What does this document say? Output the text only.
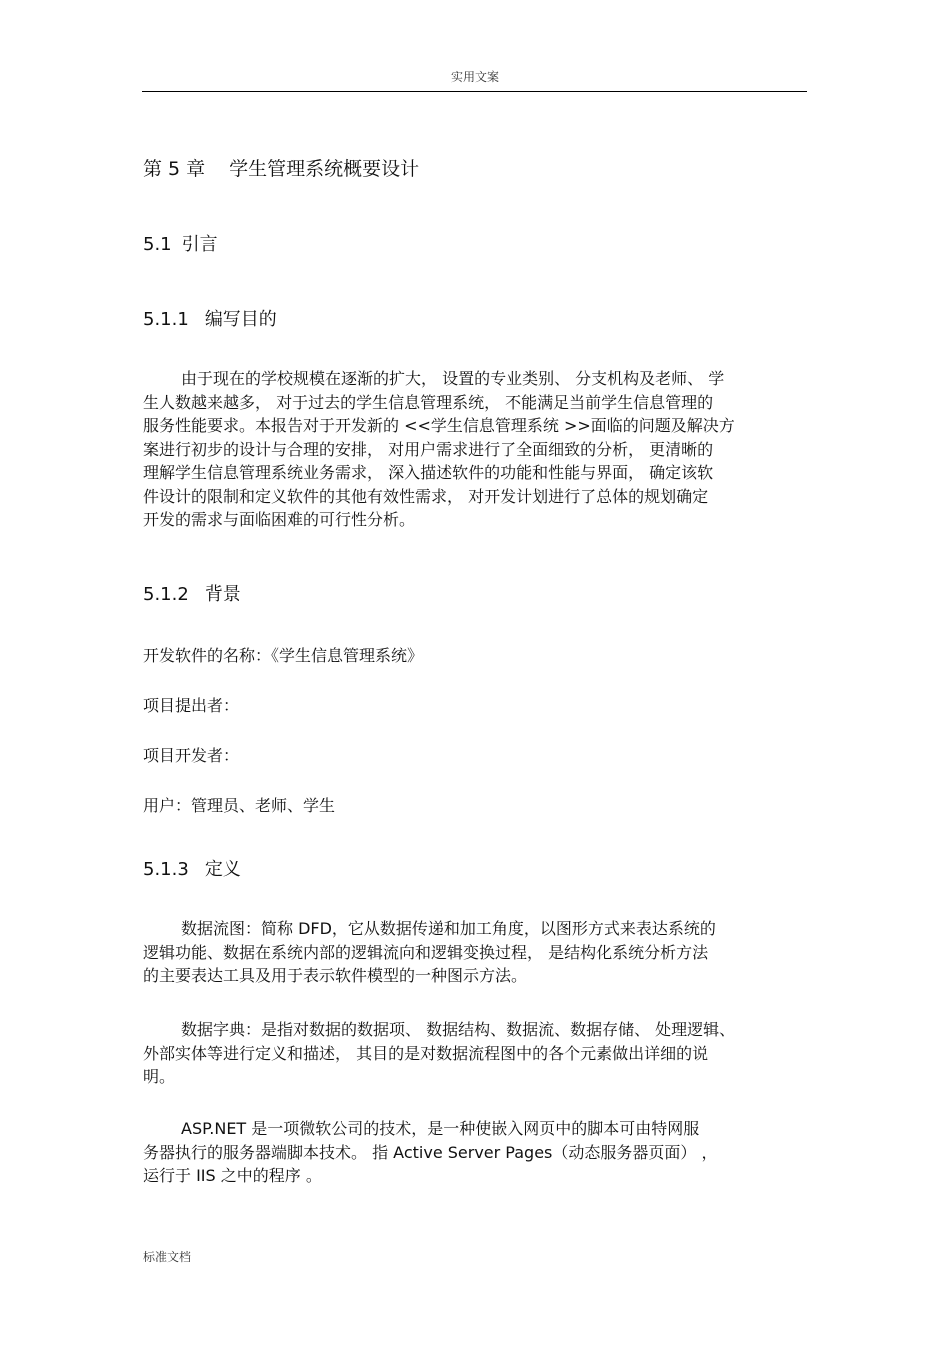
实用文案
第 5 章 学生管理系统概要设计
5.1 引言
5.1.1 编写目的
由于现在的学校规模在逐渐的扩大， 设置的专业类别、 分支机构及老师、 学
生人数越来越多， 对于过去的学生信息管理系统， 不能满足当前学生信息管理的
服务性能要求。本报告对于开发新的 <<学生信息管理系统 >>面临的问题及解决方
案进行初步的设计与合理的安排， 对用户需求进行了全面细致的分析， 更清晰的
理解学生信息管理系统业务需求， 深入描述软件的功能和性能与界面， 确定该软
件设计的限制和定义软件的其他有效性需求， 对开发计划进行了总体的规划确定
开发的需求与面临困难的可行性分析。
5.1.2 背景
开发软件的名称：《学生信息管理系统》
项目提出者：
项目开发者：
用户：管理员、老师、学生
5.1.3 定义
数据流图：简称 DFD，它从数据传递和加工角度，以图形方式来表达系统的
逻辑功能、数据在系统内部的逻辑流向和逻辑变换过程， 是结构化系统分析方法
的主要表达工具及用于表示软件模型的一种图示方法。
数据字典：是指对数据的数据项、 数据结构、数据流、数据存储、 处理逻辑、
外部实体等进行定义和描述， 其目的是对数据流程图中的各个元素做出详细的说
明。
ASP.NET 是一项微软公司的技术，是一种使嵌入网页中的脚本可由特网服
务器执行的服务器端脚本技术。 指 Active Server Pages（动态服务器页面） ，
运行于 IIS 之中的程序 。
标准文档
